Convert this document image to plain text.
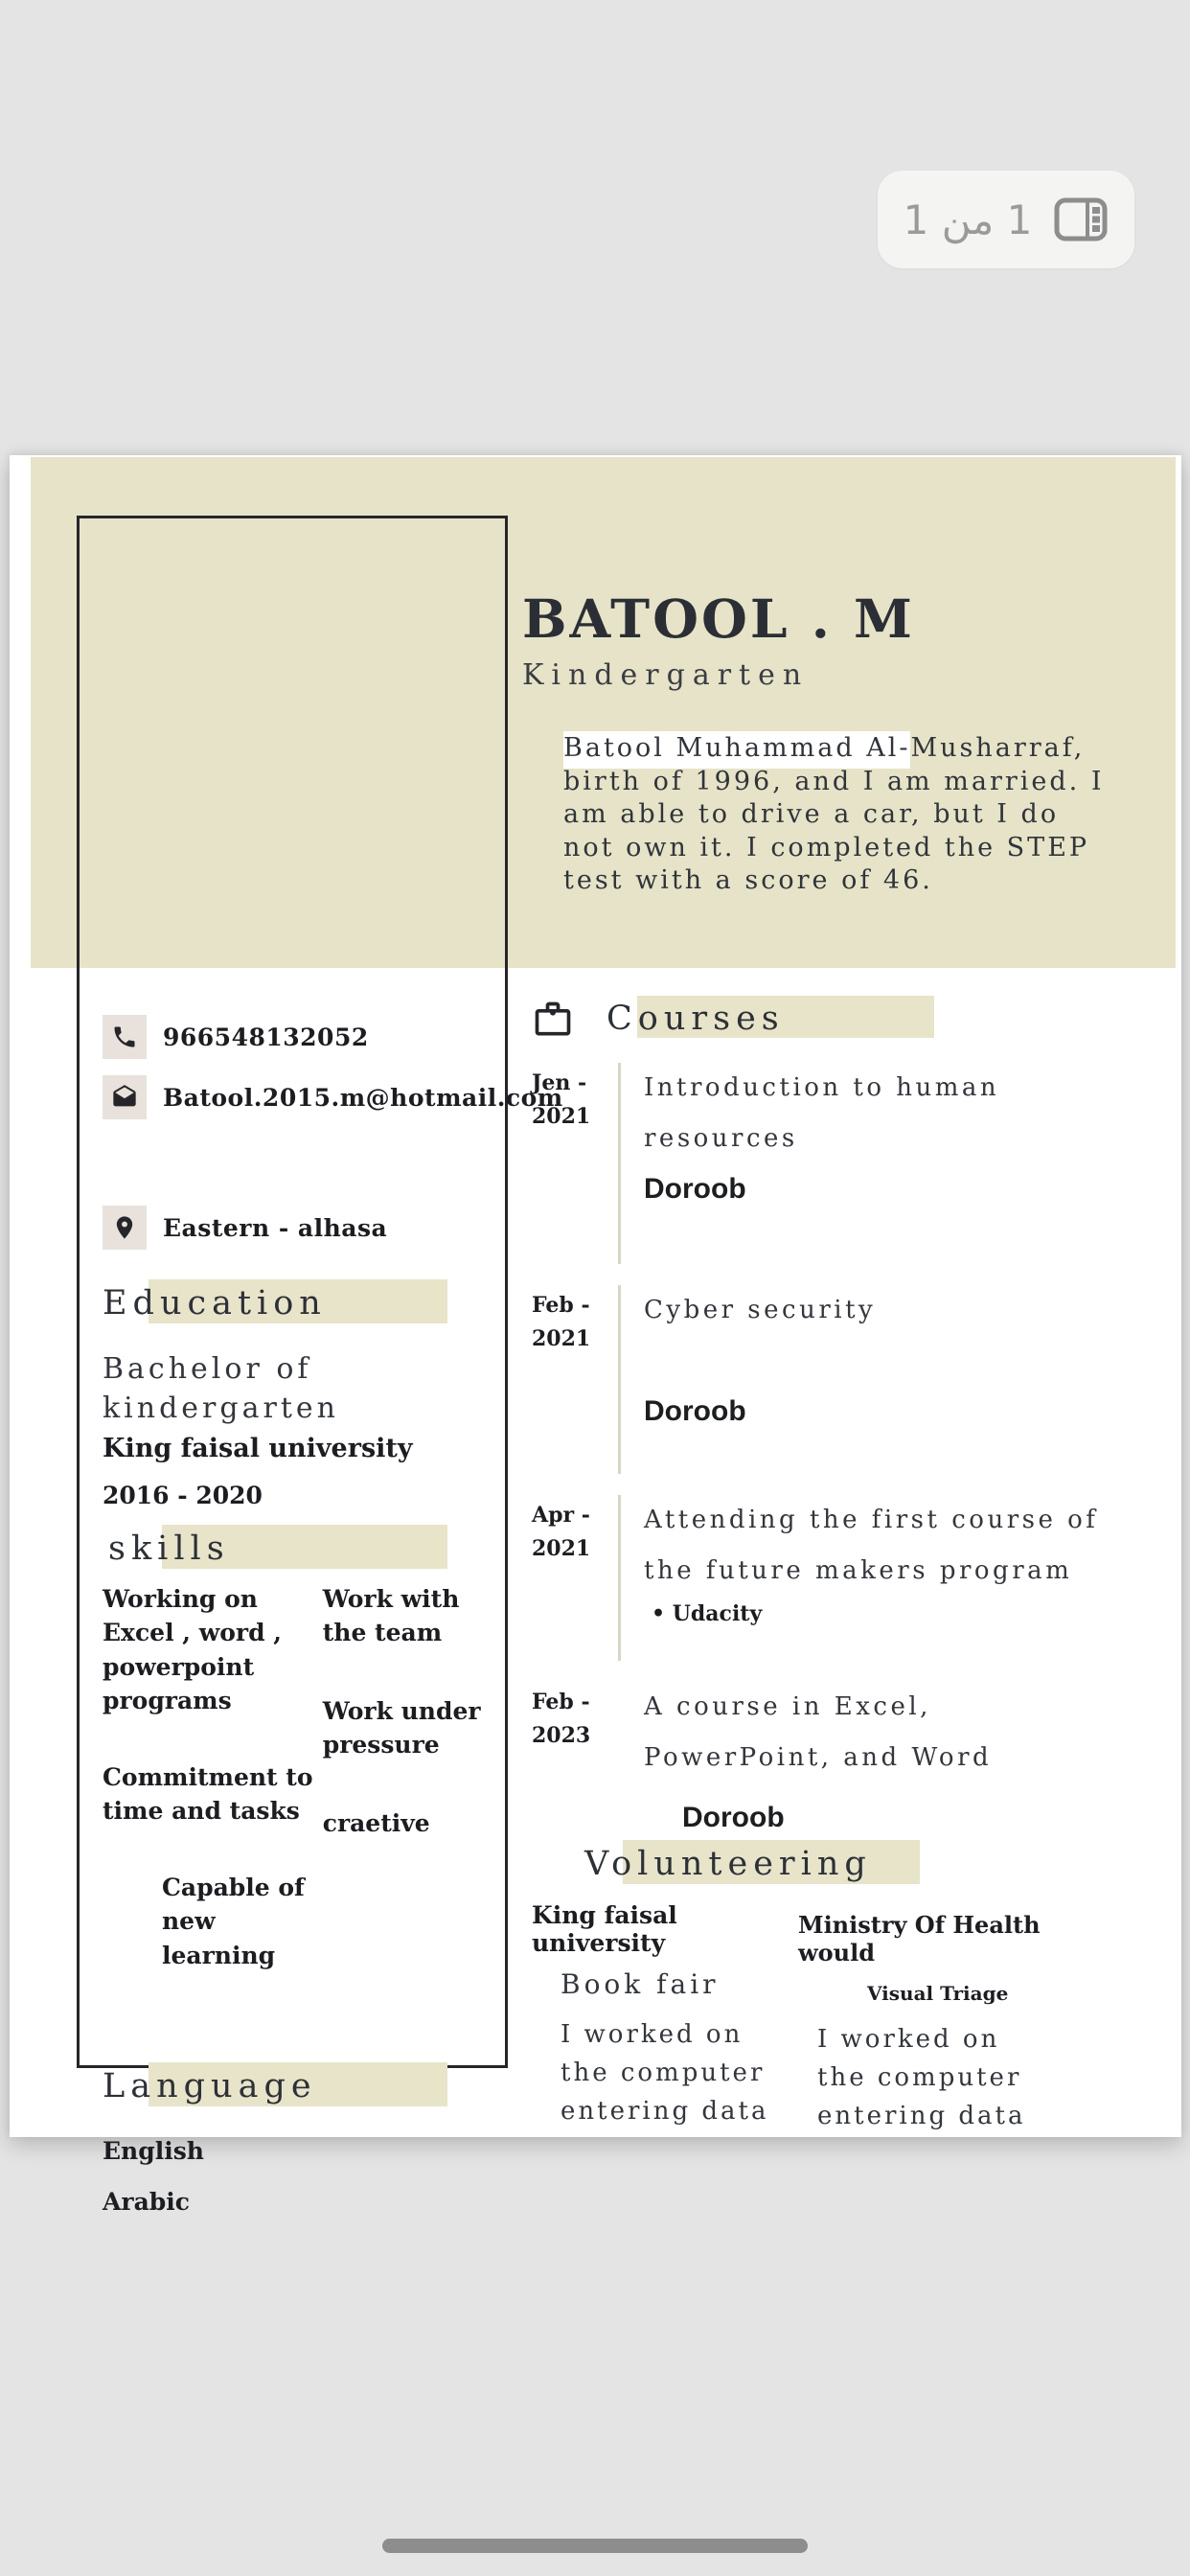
1 من 1
BATOOL . M
Kindergarten
Batool Muhammad Al-Musharraf, birth of 1996, and I am married. I am able to drive a car, but I do not own it. I completed the STEP test with a score of 46.
966548132052
Batool.2015.m@hotmail.com
Eastern - alhasa
Education
Bachelor of kindergarten
King faisal university
2016 - 2020
skills
Working on Excel , word , powerpoint programs
Commitment to time and tasks
Capable of new learning
Work with the team
Work under pressure
craetive
Language
English
Arabic
Courses
Jen -
2021
Introduction to human resources
Doroob
Feb -
2021
Cyber security
Doroob
Apr -
2021
Attending the first course of the future makers program
• Udacity
Feb -
2023
A course in Excel, PowerPoint, and Word
Doroob
Volunteering
King faisal university
Book fair
I worked on the computer entering data
Ministry Of Health would
Visual Triage
I worked on the computer entering data
